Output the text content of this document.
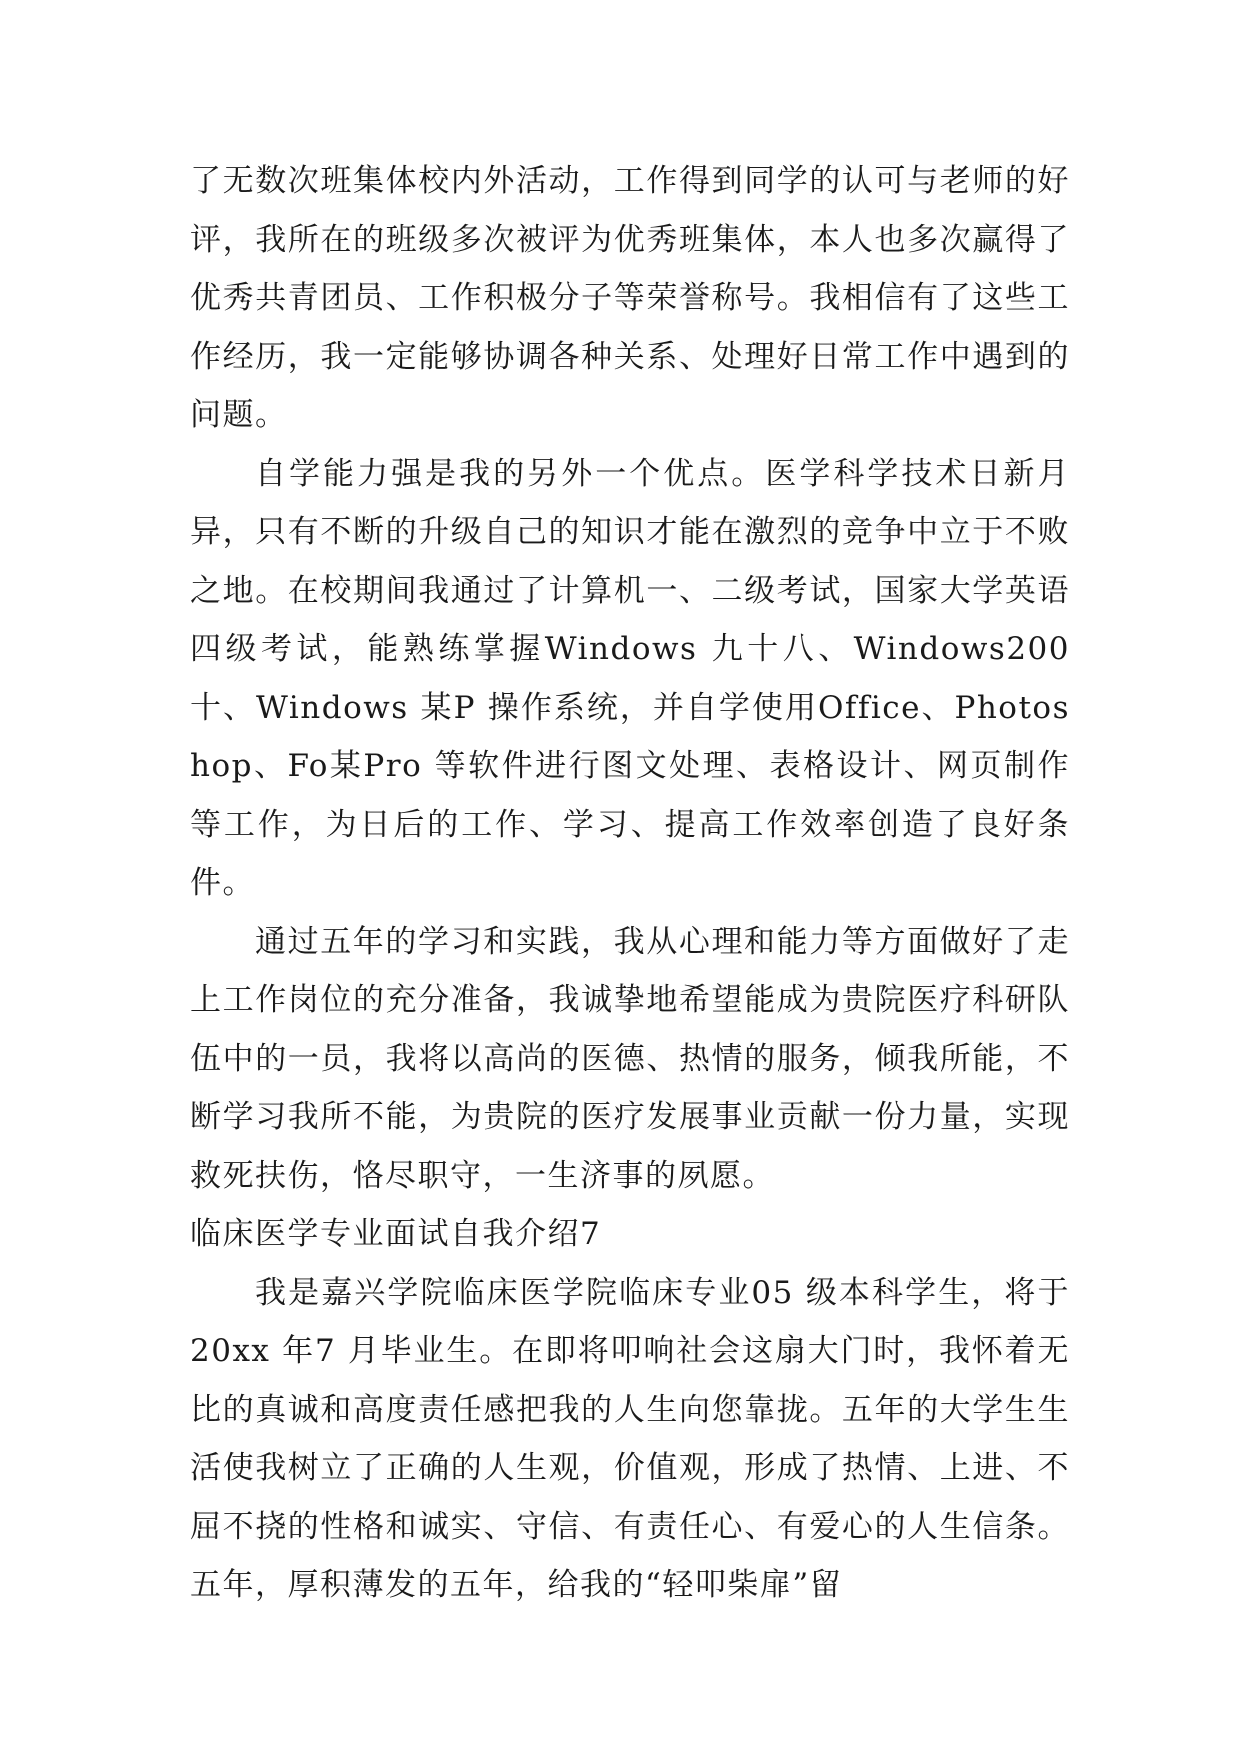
了无数次班集体校内外活动，工作得到同学的认可与老师的好评，我所在的班级多次被评为优秀班集体，本人也多次赢得了优秀共青团员、工作积极分子等荣誉称号。我相信有了这些工作经历，我一定能够协调各种关系、处理好日常工作中遇到的问题。

自学能力强是我的另外一个优点。医学科学技术日新月异，只有不断的升级自己的知识才能在激烈的竞争中立于不败之地。在校期间我通过了计算机一、二级考试，国家大学英语四级考试，能熟练掌握Windows 九十八、Windows200 十、Windows 某P 操作系统，并自学使用Office、Photoshop、Fo某Pro 等软件进行图文处理、表格设计、网页制作等工作，为日后的工作、学习、提高工作效率创造了良好条件。

通过五年的学习和实践，我从心理和能力等方面做好了走上工作岗位的充分准备，我诚挚地希望能成为贵院医疗科研队伍中的一员，我将以高尚的医德、热情的服务，倾我所能，不断学习我所不能，为贵院的医疗发展事业贡献一份力量，实现救死扶伤，恪尽职守，一生济事的夙愿。

临床医学专业面试自我介绍7

我是嘉兴学院临床医学院临床专业05 级本科学生，将于20xx 年7 月毕业生。在即将叩响社会这扇大门时，我怀着无比的真诚和高度责任感把我的人生向您靠拢。五年的大学生生活使我树立了正确的人生观，价值观，形成了热情、上进、不屈不挠的性格和诚实、守信、有责任心、有爱心的人生信条。五年，厚积薄发的五年，给我的“轻叩柴扉”留
